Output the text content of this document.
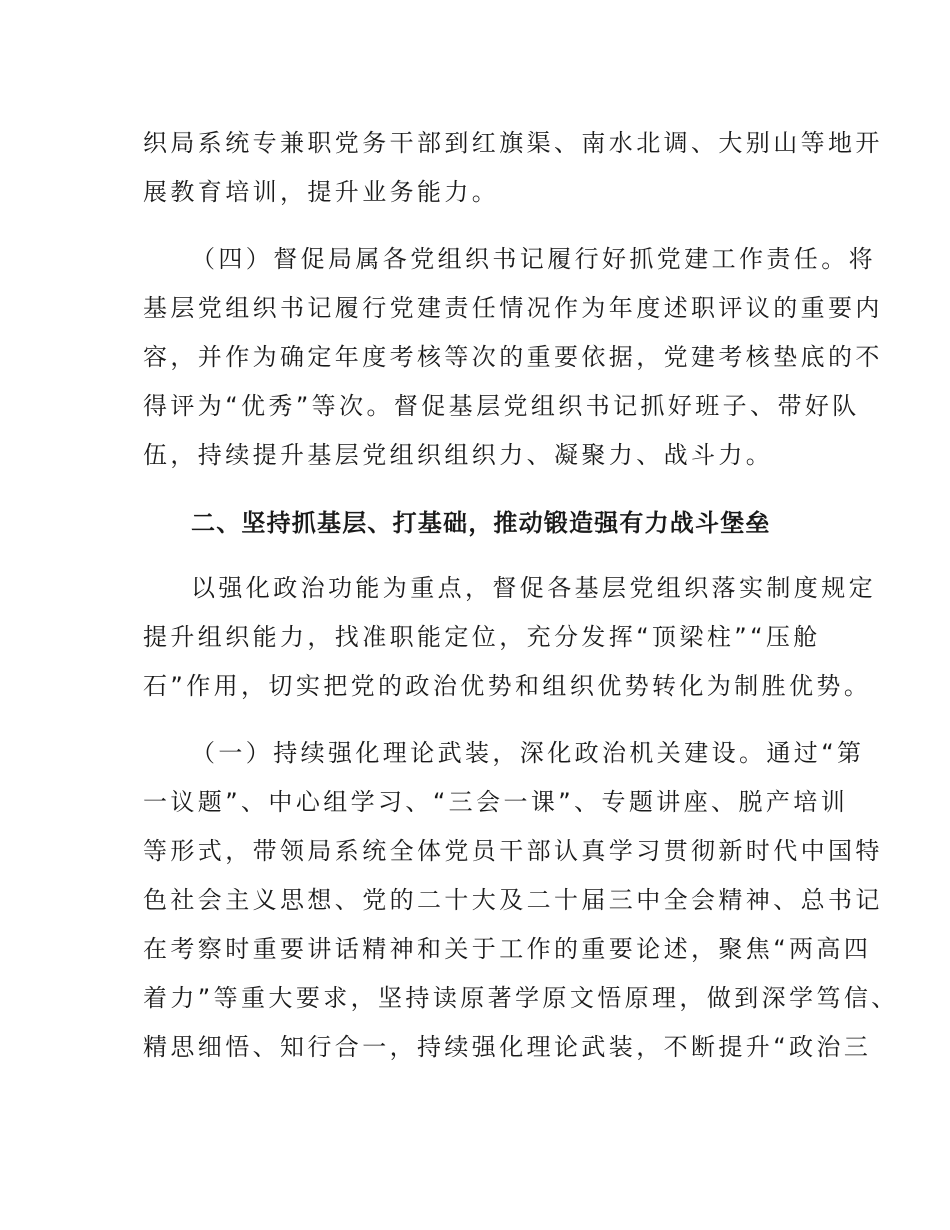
织局系统专兼职党务干部到红旗渠、南水北调、大别山等地开
展教育培训，提升业务能力。
（四）督促局属各党组织书记履行好抓党建工作责任。将
基层党组织书记履行党建责任情况作为年度述职评议的重要内
容，并作为确定年度考核等次的重要依据，党建考核垫底的不
得评为“优秀”等次。督促基层党组织书记抓好班子、带好队
伍，持续提升基层党组织组织力、凝聚力、战斗力。
二、坚持抓基层、打基础，推动锻造强有力战斗堡垒
以强化政治功能为重点，督促各基层党组织落实制度规定
提升组织能力，找准职能定位，充分发挥“顶梁柱”“压舱
石”作用，切实把党的政治优势和组织优势转化为制胜优势。
（一）持续强化理论武装，深化政治机关建设。通过“第
一议题”、中心组学习、“三会一课”、专题讲座、脱产培训
等形式，带领局系统全体党员干部认真学习贯彻新时代中国特
色社会主义思想、党的二十大及二十届三中全会精神、总书记
在考察时重要讲话精神和关于工作的重要论述，聚焦“两高四
着力”等重大要求，坚持读原著学原文悟原理，做到深学笃信、
精思细悟、知行合一，持续强化理论武装，不断提升“政治三
